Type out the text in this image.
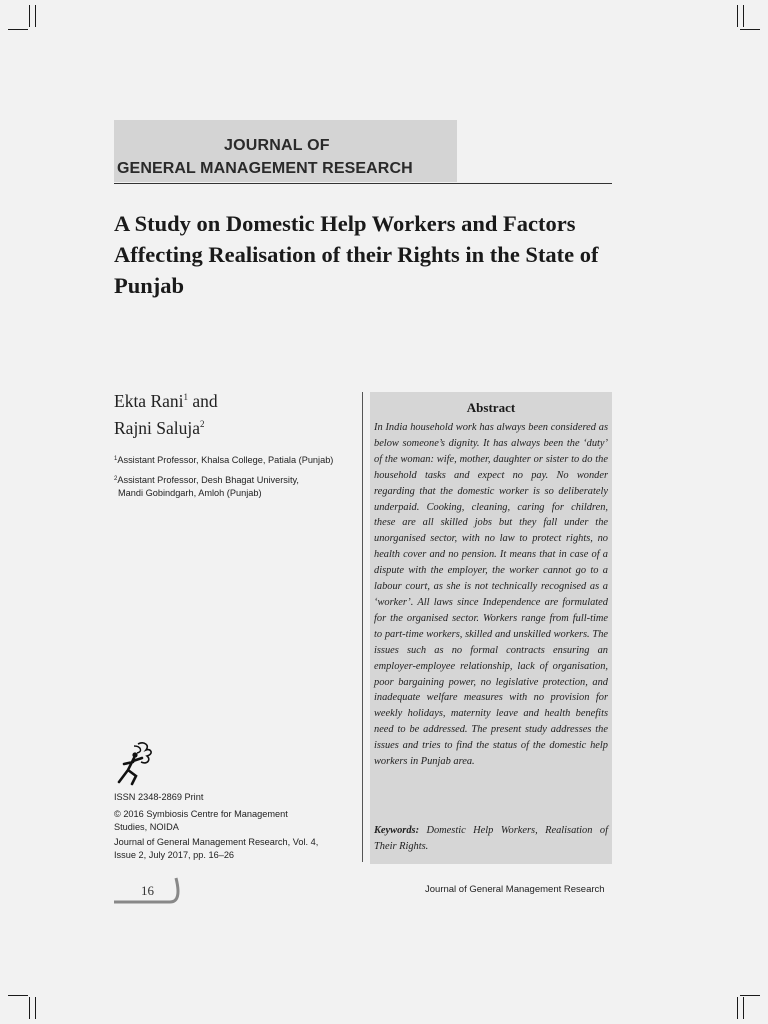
JOURNAL OF
GENERAL MANAGEMENT RESEARCH
A Study on Domestic Help Workers and Factors Affecting Realisation of their Rights in the State of Punjab
Ekta Rani$^1$ and
Rajni Saluja$^2$
$^1$Assistant Professor, Khalsa College, Patiala (Punjab)
$^2$Assistant Professor, Desh Bhagat University,
Mandi Gobindgarh, Amloh (Punjab)
ISSN 2348-2869 Print
© 2016 Symbiosis Centre for Management Studies, NOIDA
Journal of General Management Research, Vol. 4, Issue 2, July 2017, pp. 16–26
Abstract
In India household work has always been considered as below someone’s dignity. It has always been the ‘duty’ of the woman: wife, mother, daughter or sister to do the household tasks and expect no pay. No wonder regarding that the domestic worker is so deliberately underpaid. Cooking, cleaning, caring for children, these are all skilled jobs but they fall under the unorganised sector, with no law to protect rights, no health cover and no pension. It means that in case of a dispute with the employer, the worker cannot go to a labour court, as she is not technically recognised as a ‘worker’. All laws since Independence are formulated for the organised sector. Workers range from full-time to part-time workers, skilled and unskilled workers. The issues such as no formal contracts ensuring an employer-employee relationship, lack of organisation, poor bargaining power, no legislative protection, and inadequate welfare measures with no provision for weekly holidays, maternity leave and health benefits need to be addressed. The present study addresses the issues and tries to find the status of the domestic help workers in Punjab area.
Keywords: Domestic Help Workers, Realisation of Their Rights.
16	Journal of General Management Research
